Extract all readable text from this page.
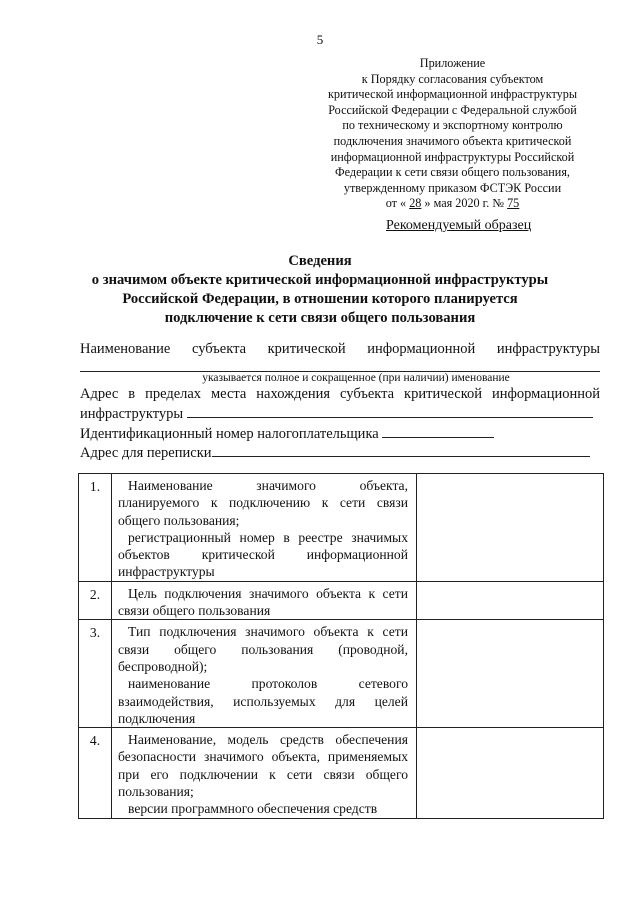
5
Приложение
к Порядку согласования субъектом
критической информационной инфраструктуры
Российской Федерации с Федеральной службой
по техническому и экспортному контролю
подключения значимого объекта критической
информационной инфраструктуры Российской
Федерации к сети связи общего пользования,
утвержденному приказом ФСТЭК России
от « 28 » мая 2020 г. № 75
Рекомендуемый образец
Сведения
о значимом объекте критической информационной инфраструктуры
Российской Федерации, в отношении которого планируется
подключение к сети связи общего пользования
Наименование субъекта критической информационной инфраструктуры
указывается полное и сокращенное (при наличии) именование
Адрес в пределах места нахождения субъекта критической информационной
инфраструктуры
Идентификационный номер налогоплательщика
Адрес для переписки
1.	Наименование значимого объекта, планируемого к подключению к сети связи общего пользования;
регистрационный номер в реестре значимых объектов критической информационной инфраструктуры	

2.	Цель подключения значимого объекта к сети связи общего пользования	

3.	Тип подключения значимого объекта к сети связи общего пользования (проводной, беспроводной);
наименование протоколов сетевого взаимодействия, используемых для целей подключения	

4.	Наименование, модель средств обеспечения безопасности значимого объекта, применяемых при его подключении к сети связи общего пользования;
версии программного обеспечения средств	
